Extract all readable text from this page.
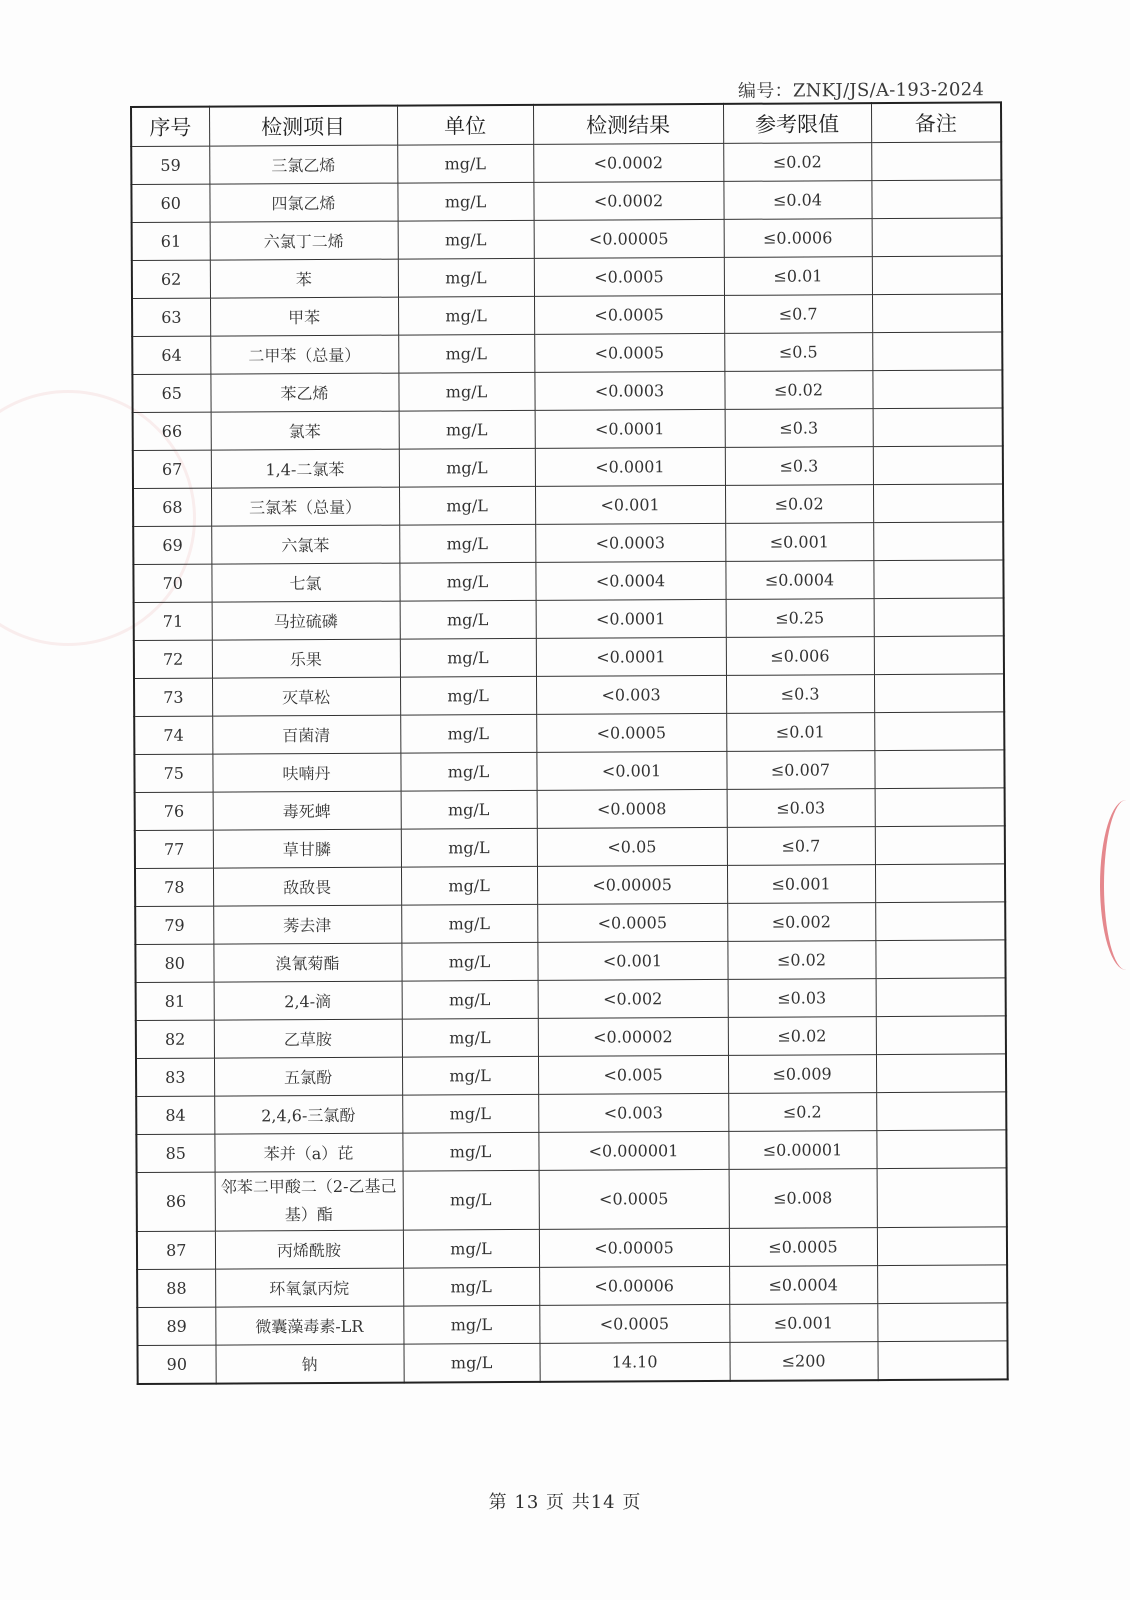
编号：ZNKJ/JS/A-193-2024
序号	检测项目	单位	检测结果	参考限值	备注
59	三氯乙烯	mg/L	<0.0002	≤0.02	
60	四氯乙烯	mg/L	<0.0002	≤0.04	
61	六氯丁二烯	mg/L	<0.00005	≤0.0006	
62	苯	mg/L	<0.0005	≤0.01	
63	甲苯	mg/L	<0.0005	≤0.7	
64	二甲苯（总量）	mg/L	<0.0005	≤0.5	
65	苯乙烯	mg/L	<0.0003	≤0.02	
66	氯苯	mg/L	<0.0001	≤0.3	
67	1,4-二氯苯	mg/L	<0.0001	≤0.3	
68	三氯苯（总量）	mg/L	<0.001	≤0.02	
69	六氯苯	mg/L	<0.0003	≤0.001	
70	七氯	mg/L	<0.0004	≤0.0004	
71	马拉硫磷	mg/L	<0.0001	≤0.25	
72	乐果	mg/L	<0.0001	≤0.006	
73	灭草松	mg/L	<0.003	≤0.3	
74	百菌清	mg/L	<0.0005	≤0.01	
75	呋喃丹	mg/L	<0.001	≤0.007	
76	毒死蜱	mg/L	<0.0008	≤0.03	
77	草甘膦	mg/L	<0.05	≤0.7	
78	敌敌畏	mg/L	<0.00005	≤0.001	
79	莠去津	mg/L	<0.0005	≤0.002	
80	溴氰菊酯	mg/L	<0.001	≤0.02	
81	2,4-滴	mg/L	<0.002	≤0.03	
82	乙草胺	mg/L	<0.00002	≤0.02	
83	五氯酚	mg/L	<0.005	≤0.009	
84	2,4,6-三氯酚	mg/L	<0.003	≤0.2	
85	苯并（a）芘	mg/L	<0.000001	≤0.00001	
86	邻苯二甲酸二（2-乙基己基）酯	mg/L	<0.0005	≤0.008	
87	丙烯酰胺	mg/L	<0.00005	≤0.0005	
88	环氧氯丙烷	mg/L	<0.00006	≤0.0004	
89	微囊藻毒素-LR	mg/L	<0.0005	≤0.001	
90	钠	mg/L	14.10	≤200	
第 13 页 共14 页
